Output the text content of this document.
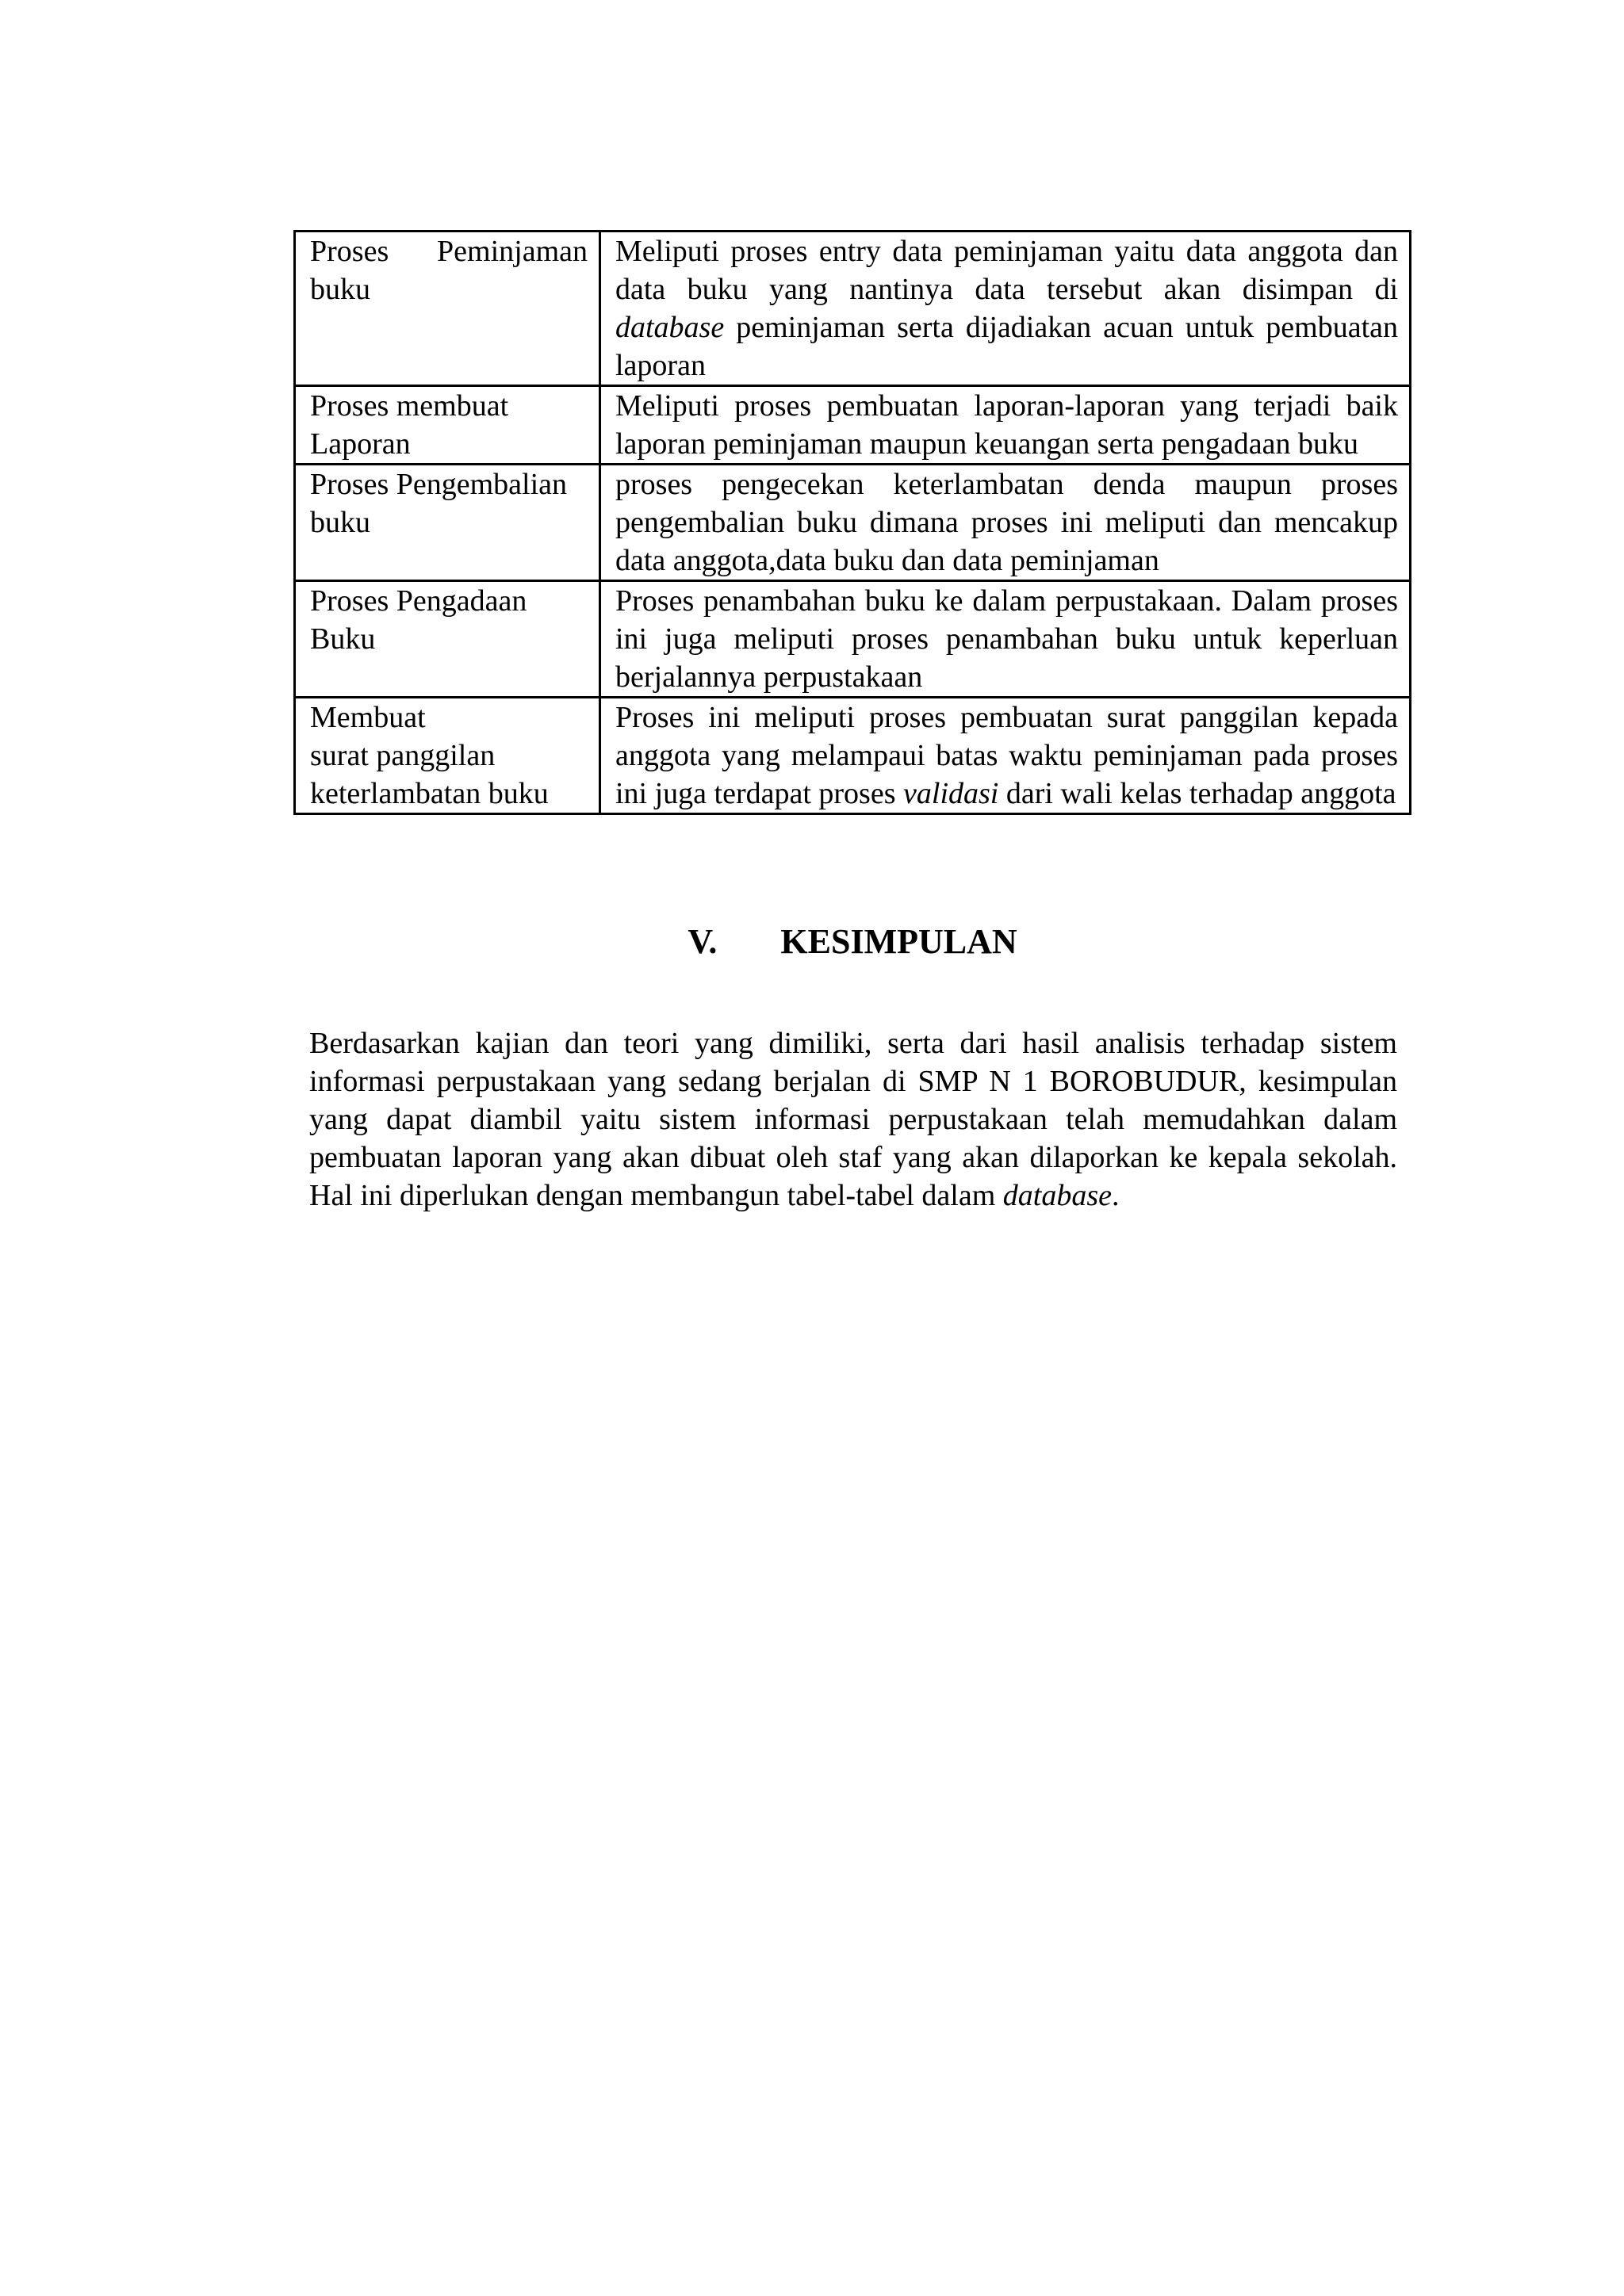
Proses Peminjaman buku	Meliputi proses entry data peminjaman yaitu data anggota dan data buku yang nantinya data tersebut akan disimpan di database peminjaman serta dijadiakan acuan untuk pembuatan laporan

Proses membuat Laporan	Meliputi proses pembuatan laporan-laporan yang terjadi baik laporan peminjaman maupun keuangan serta pengadaan buku

Proses Pengembalian buku	proses pengecekan keterlambatan denda maupun proses pengembalian buku dimana proses ini meliputi dan mencakup data anggota,data buku dan data peminjaman

Proses Pengadaan Buku	Proses penambahan buku ke dalam perpustakaan. Dalam proses ini juga meliputi proses penambahan buku untuk keperluan berjalannya perpustakaan

Membuat
surat panggilan
keterlambatan buku	Proses ini meliputi proses pembuatan surat panggilan kepada anggota yang melampaui batas waktu peminjaman pada proses ini juga terdapat proses validasi dari wali kelas terhadap anggota
V. KESIMPULAN

Berdasarkan kajian dan teori yang dimiliki, serta dari hasil analisis terhadap sistem informasi perpustakaan yang sedang berjalan di SMP N 1 BOROBUDUR, kesimpulan yang dapat diambil yaitu sistem informasi perpustakaan telah memudahkan dalam pembuatan laporan yang akan dibuat oleh staf yang akan dilaporkan ke kepala sekolah. Hal ini diperlukan dengan membangun tabel-tabel dalam database.
